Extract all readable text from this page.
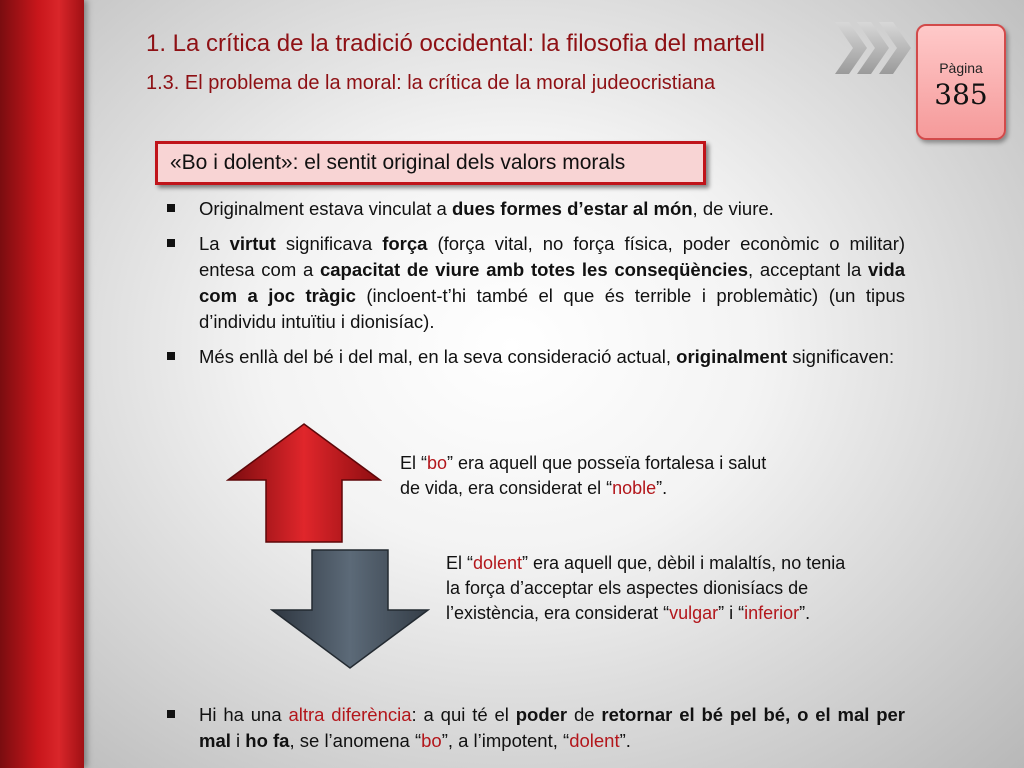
1. La crítica de la tradició occidental: la filosofia del martell
1.3. El problema de la moral: la crítica de la moral judeocristiana
Pàgina
385
«Bo i dolent»: el sentit original dels valors morals
Originalment estava vinculat a dues formes d’estar al món, de viure.
La virtut significava força (força vital, no força física, poder econòmic o militar) entesa com a capacitat de viure amb totes les conseqüències, acceptant la vida com a joc tràgic (incloent-t’hi també el que és terrible i problemàtic) (un tipus d’individu intuïtiu i dionisíac).
Més enllà del bé i del mal, en la seva consideració actual, originalment significaven:
El “bo” era aquell que posseïa fortalesa i salut de vida, era considerat el “noble”.
El “dolent” era aquell que, dèbil i malaltís, no tenia la força d’acceptar els aspectes dionisíacs de l’existència, era considerat “vulgar” i “inferior”.
Hi ha una altra diferència: a qui té el poder de retornar el bé pel bé, o el mal per mal i ho fa, se l’anomena “bo”, a l’impotent, “dolent”.
